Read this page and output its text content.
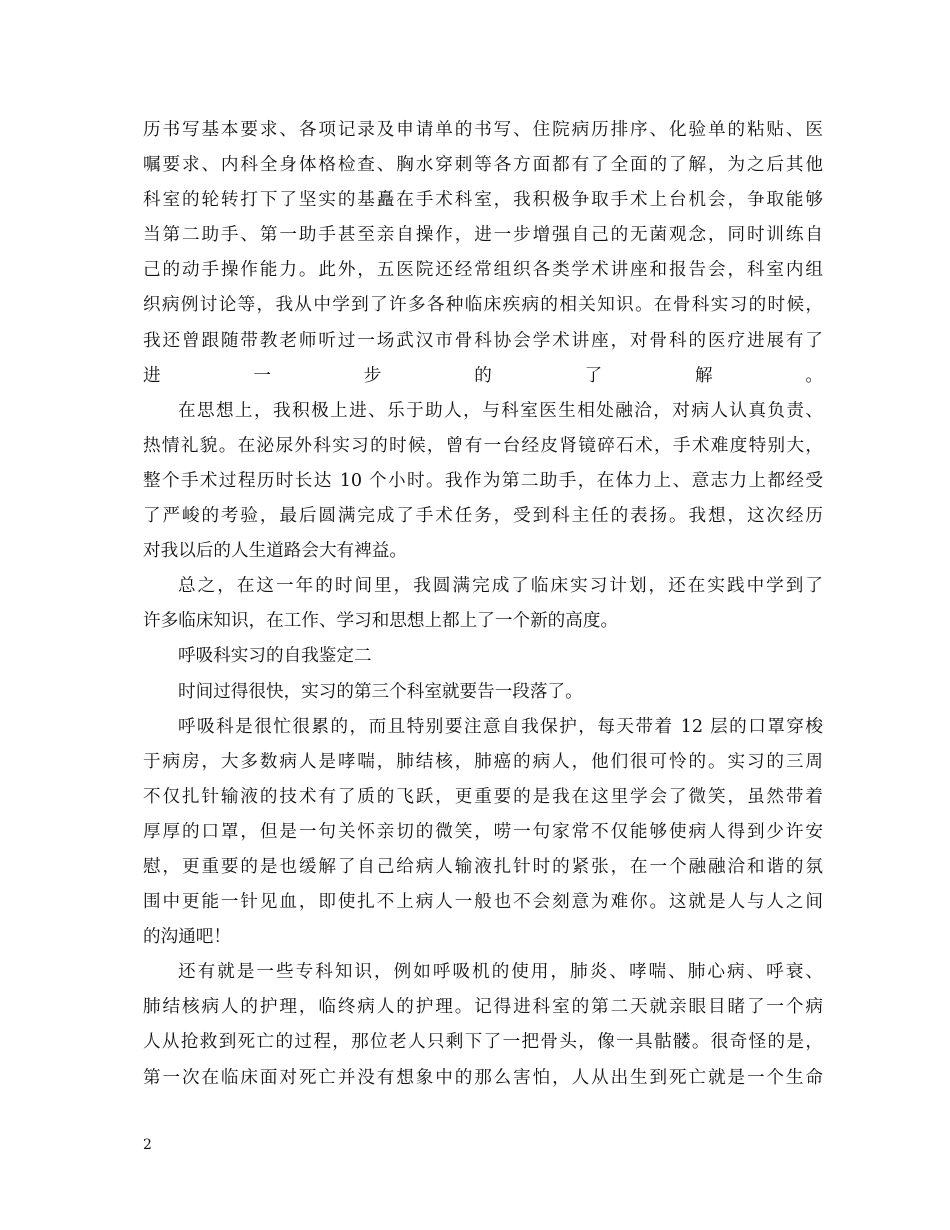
历书写基本要求、各项记录及申请单的书写、住院病历排序、化验单的粘贴、医
嘱要求、内科全身体格检查、胸水穿刺等各方面都有了全面的了解，为之后其他
科室的轮转打下了坚实的基矗在手术科室，我积极争取手术上台机会，争取能够
当第二助手、第一助手甚至亲自操作，进一步增强自己的无菌观念，同时训练自
己的动手操作能力。此外，五医院还经常组织各类学术讲座和报告会，科室内组
织病例讨论等，我从中学到了许多各种临床疾病的相关知识。在骨科实习的时候，
我还曾跟随带教老师听过一场武汉市骨科协会学术讲座，对骨科的医疗进展有了
进一步的了解。
在思想上，我积极上进、乐于助人，与科室医生相处融洽，对病人认真负责、
热情礼貌。在泌尿外科实习的时候，曾有一台经皮肾镜碎石术，手术难度特别大，
整个手术过程历时长达 10 个小时。我作为第二助手，在体力上、意志力上都经受
了严峻的考验，最后圆满完成了手术任务，受到科主任的表扬。我想，这次经历
对我以后的人生道路会大有裨益。
总之，在这一年的时间里，我圆满完成了临床实习计划，还在实践中学到了
许多临床知识，在工作、学习和思想上都上了一个新的高度。
呼吸科实习的自我鉴定二
时间过得很快，实习的第三个科室就要告一段落了。
呼吸科是很忙很累的，而且特别要注意自我保护，每天带着 12 层的口罩穿梭
于病房，大多数病人是哮喘，肺结核，肺癌的病人，他们很可怜的。实习的三周
不仅扎针输液的技术有了质的飞跃，更重要的是我在这里学会了微笑，虽然带着
厚厚的口罩，但是一句关怀亲切的微笑，唠一句家常不仅能够使病人得到少许安
慰，更重要的是也缓解了自己给病人输液扎针时的紧张，在一个融融洽和谐的氛
围中更能一针见血，即使扎不上病人一般也不会刻意为难你。这就是人与人之间
的沟通吧！
还有就是一些专科知识，例如呼吸机的使用，肺炎、哮喘、肺心病、呼衰、
肺结核病人的护理，临终病人的护理。记得进科室的第二天就亲眼目睹了一个病
人从抢救到死亡的过程，那位老人只剩下了一把骨头，像一具骷髅。很奇怪的是，
第一次在临床面对死亡并没有想象中的那么害怕，人从出生到死亡就是一个生命
2
